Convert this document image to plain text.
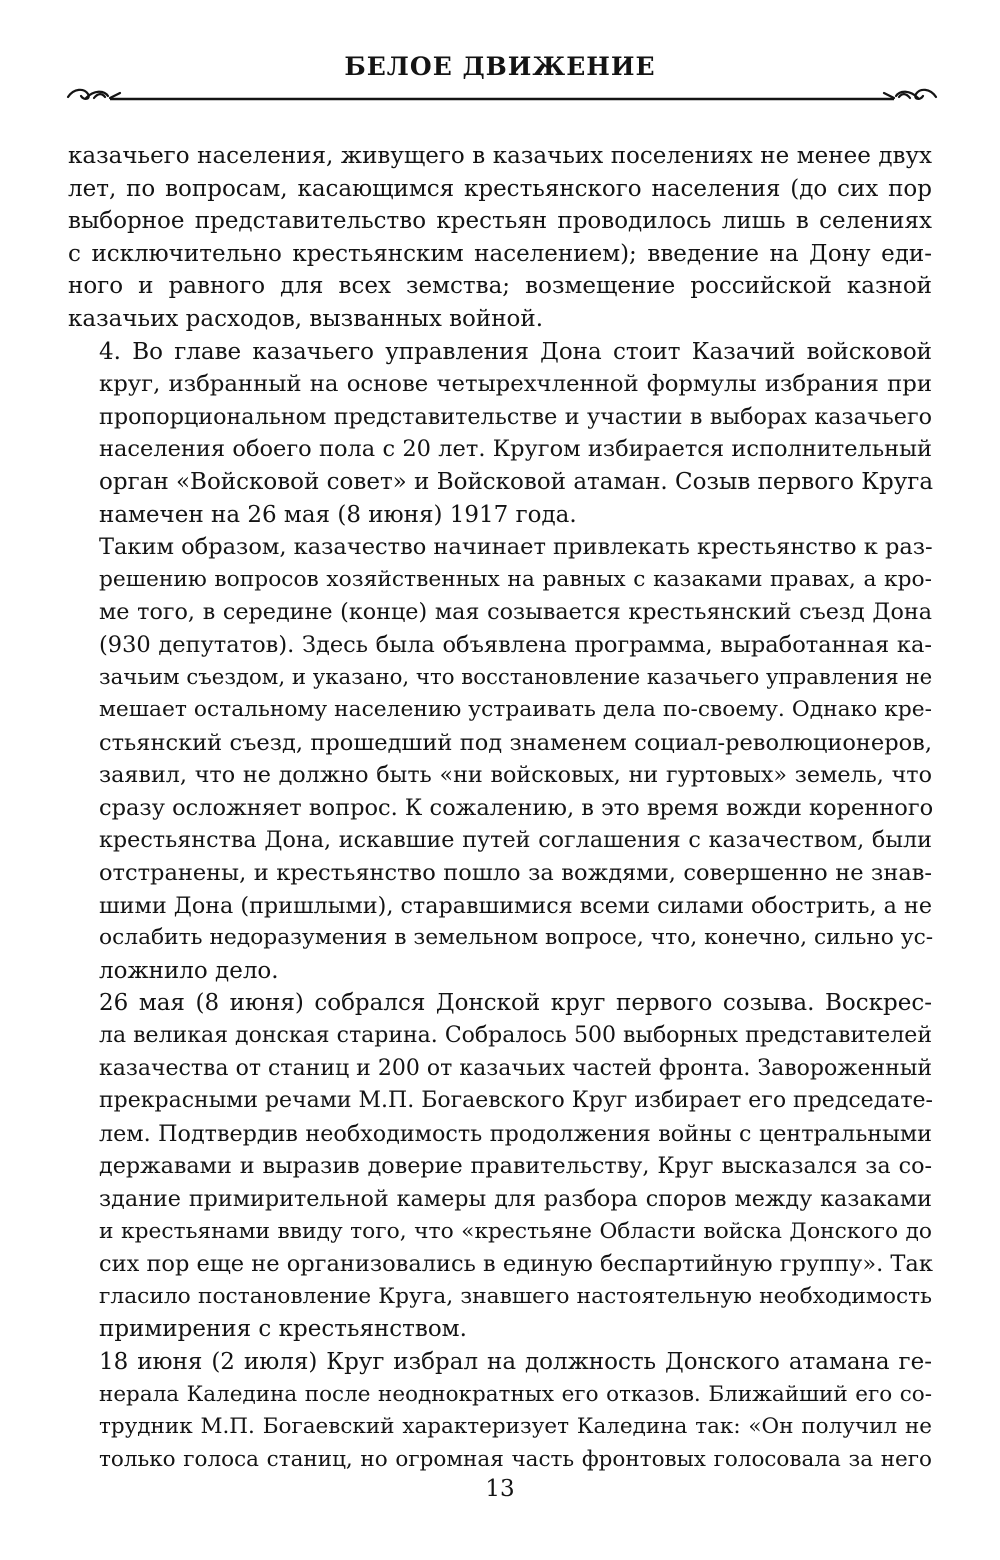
БЕЛОЕ ДВИЖЕНИЕ

казачьего населения, живущего в казачьих поселениях не менее двух
лет, по вопросам, касающимся крестьянского населения (до сих пор
выборное представительство крестьян проводилось лишь в селениях
с исключительно крестьянским населением); введение на Дону еди-
ного и равного для всех земства; возмещение российской казной
казачьих расходов, вызванных войной.

4. Во главе казачьего управления Дона стоит Казачий войсковой
круг, избранный на основе четырехчленной формулы избрания при
пропорциональном представительстве и участии в выборах казачьего
населения обоего пола с 20 лет. Кругом избирается исполнительный
орган «Войсковой совет» и Войсковой атаман. Созыв первого Круга
намечен на 26 мая (8 июня) 1917 года.

Таким образом, казачество начинает привлекать крестьянство к раз-
решению вопросов хозяйственных на равных с казаками правах, а кро-
ме того, в середине (конце) мая созывается крестьянский съезд Дона
(930 депутатов). Здесь была объявлена программа, выработанная ка-
зачьим съездом, и указано, что восстановление казачьего управления не
мешает остальному населению устраивать дела по-своему. Однако кре-
стьянский съезд, прошедший под знаменем социал-революционеров,
заявил, что не должно быть «ни войсковых, ни гуртовых» земель, что
сразу осложняет вопрос. К сожалению, в это время вожди коренного
крестьянства Дона, искавшие путей соглашения с казачеством, были
отстранены, и крестьянство пошло за вождями, совершенно не знав-
шими Дона (пришлыми), старавшимися всеми силами обострить, а не
ослабить недоразумения в земельном вопросе, что, конечно, сильно ус-
ложнило дело.

26 мая (8 июня) собрался Донской круг первого созыва. Воскрес-
ла великая донская старина. Собралось 500 выборных представителей
казачества от станиц и 200 от казачьих частей фронта. Завороженный
прекрасными речами М.П. Богаевского Круг избирает его председате-
лем. Подтвердив необходимость продолжения войны с центральными
державами и выразив доверие правительству, Круг высказался за со-
здание примирительной камеры для разбора споров между казаками
и крестьянами ввиду того, что «крестьяне Области войска Донского до
сих пор еще не организовались в единую беспартийную группу». Так
гласило постановление Круга, знавшего настоятельную необходимость
примирения с крестьянством.

18 июня (2 июля) Круг избрал на должность Донского атамана ге-
нерала Каледина после неоднократных его отказов. Ближайший его со-
трудник М.П. Богаевский характеризует Каледина так: «Он получил не
только голоса станиц, но огромная часть фронтовых голосовала за него

13
